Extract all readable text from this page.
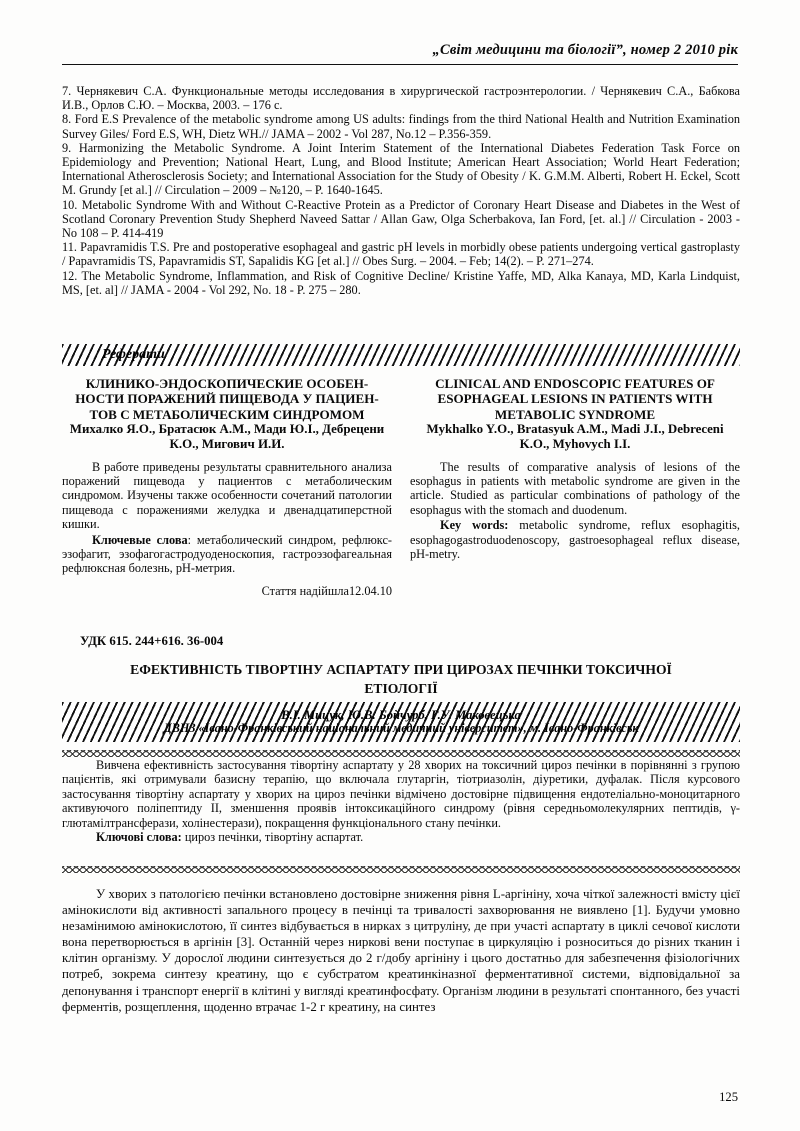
„Світ медицини та біології”, номер 2 2010 рік

7. Чернякевич С.А. Функциональные методы исследования в хирургической гастроэнтерологии. / Чернякевич С.А., Бабкова И.В., Орлов С.Ю. – Москва, 2003. – 176 с.

8. Ford E.S Prevalence of the metabolic syndrome among US adults: findings from the third National Health and Nutrition Examination Survey Giles/ Ford E.S, WH, Dietz WH.// JAMA – 2002 - Vol 287, No.12 – P.356-359.

9. Harmonizing the Metabolic Syndrome. A Joint Interim Statement of the International Diabetes Federation Task Force on Epidemiology and Prevention; National Heart, Lung, and Blood Institute; American Heart Association; World Heart Federation; International Atherosclerosis Society; and International Association for the Study of Obesity / K. G.M.M. Alberti, Robert H. Eckel, Scott M. Grundy [et al.] // Circulation – 2009 – №120, – P. 1640-1645.

10. Metabolic Syndrome With and Without C-Reactive Protein as a Predictor of Coronary Heart Disease and Diabetes in the West of Scotland Coronary Prevention Study Shepherd Naveed Sattar / Allan Gaw, Olga Scherbakova, Ian Ford, [et. al.] // Circulation - 2003 - No 108 – P. 414-419

11. Papavramidis T.S. Pre and postoperative esophageal and gastric pH levels in morbidly obese patients undergoing vertical gastroplasty / Papavramidis TS, Papavramidis ST, Sapalidis KG [et al.] // Obes Surg. – 2004. – Feb; 14(2). – P. 271–274.

12. The Metabolic Syndrome, Inflammation, and Risk of Cognitive Decline/ Kristine Yaffe, MD, Alka Kanaya, MD, Karla Lindquist, MS, [et. al] // JAMA - 2004 - Vol 292, No. 18 - P. 275 – 280.

Реферати
КЛИНИКО-ЭНДОСКОПИЧЕСКИЕ ОСОБЕН-НОСТИ ПОРАЖЕНИЙ ПИЩЕВОДА У ПАЦИЕН-ТОВ С МЕТАБОЛИЧЕСКИМ СИНДРОМОМ
Михалко Я.О., Братасюк А.М., Мади Ю.I., Дебрецени К.О., Мигович И.И.

В работе приведены результаты сравнительного анализа поражений пищевода у пациентов с метаболическим синдромом. Изучены также особенности сочетаний патологии пищевода с поражениями желудка и двенадцатиперстной кишки.

Ключевые слова: метаболический синдром, рефлюкс-эзофагит, эзофагогастродуоденоскопия, гастроэзофагеальная рефлюксная болезнь, рН-метрия.

Стаття надійшла12.04.10
CLINICAL AND ENDOSCOPIC FEATURES OF ESOPHAGEAL LESIONS IN PATIENTS WITH METABOLIC SYNDROME
Mykhalko Y.O., Bratasyuk A.M., Madi J.I., Debreceni K.O., Myhovych I.I.

The results of comparative analysis of lesions of the esophagus in patients with metabolic syndrome are given in the article. Studied as particular combinations of pathology of the esophagus with the stomach and duodenum.

Key words: metabolic syndrome, reflux esophagitis, esophagogastroduodenoscopy, gastroesophageal reflux disease, pH-metry.

УДК 615. 244+616. 36-004
ЕФЕКТИВНІСТЬ ТІВОРТІНУ АСПАРТАТУ ПРИ ЦИРОЗАХ ПЕЧІНКИ ТОКСИЧНОЇ
ЕТІОЛОГІЇ
В.І. Мицук, Ю.В. Бойчурб, Г.У. Маковецька
ДВНЗ «Івано-Франківський національний медичний університет», м. Івано-Франківськ

Вивчена ефективність застосування тівортіну аспартату у 28 хворих на токсичний цироз печінки в порівнянні з групою пацієнтів, які отримували базисну терапію, що включала глутаргін, тіотриазолін, діуретики, дуфалак. Після курсового застосування тівортіну аспартату у хворих на цироз печінки відмічено достовірне підвищення ендотеліально-моноцитарного активуючого поліпептиду II, зменшення проявів інтоксикаційного синдрому (рівня середньомолекулярних пептидів, γ-глютамілтрансферази, холінестерази), покращення функціонального стану печінки.

Ключові слова: цироз печінки, тівортіну аспартат.

У хворих з патологією печінки встановлено достовірне зниження рівня L-аргініну, хоча чіткої залежності вмісту цієї амінокислоти від активності запального процесу в печінці та тривалості захворювання не виявлено [1]. Будучи умовно незамінимою амінокислотою, її синтез відбувається в нирках з цитруліну, де при участі аспартату в циклі сечової кислоти вона перетворюється в аргінін [3]. Останній через ниркові вени поступає в циркуляцію і розноситься до різних тканин і клітин організму. У дорослої людини синтезується до 2 г/добу аргініну і цього достатньо для забезпечення фізіологічних потреб, зокрема синтезу креатину, що є субстратом креатинкіназної ферментативної системи, відповідальної за депонування і транспорт енергії в клітині у вигляді креатинфосфату. Організм людини в результаті спонтанного, без участі ферментів, розщеплення, щоденно втрачає 1-2 г креатину, на синтез

125
